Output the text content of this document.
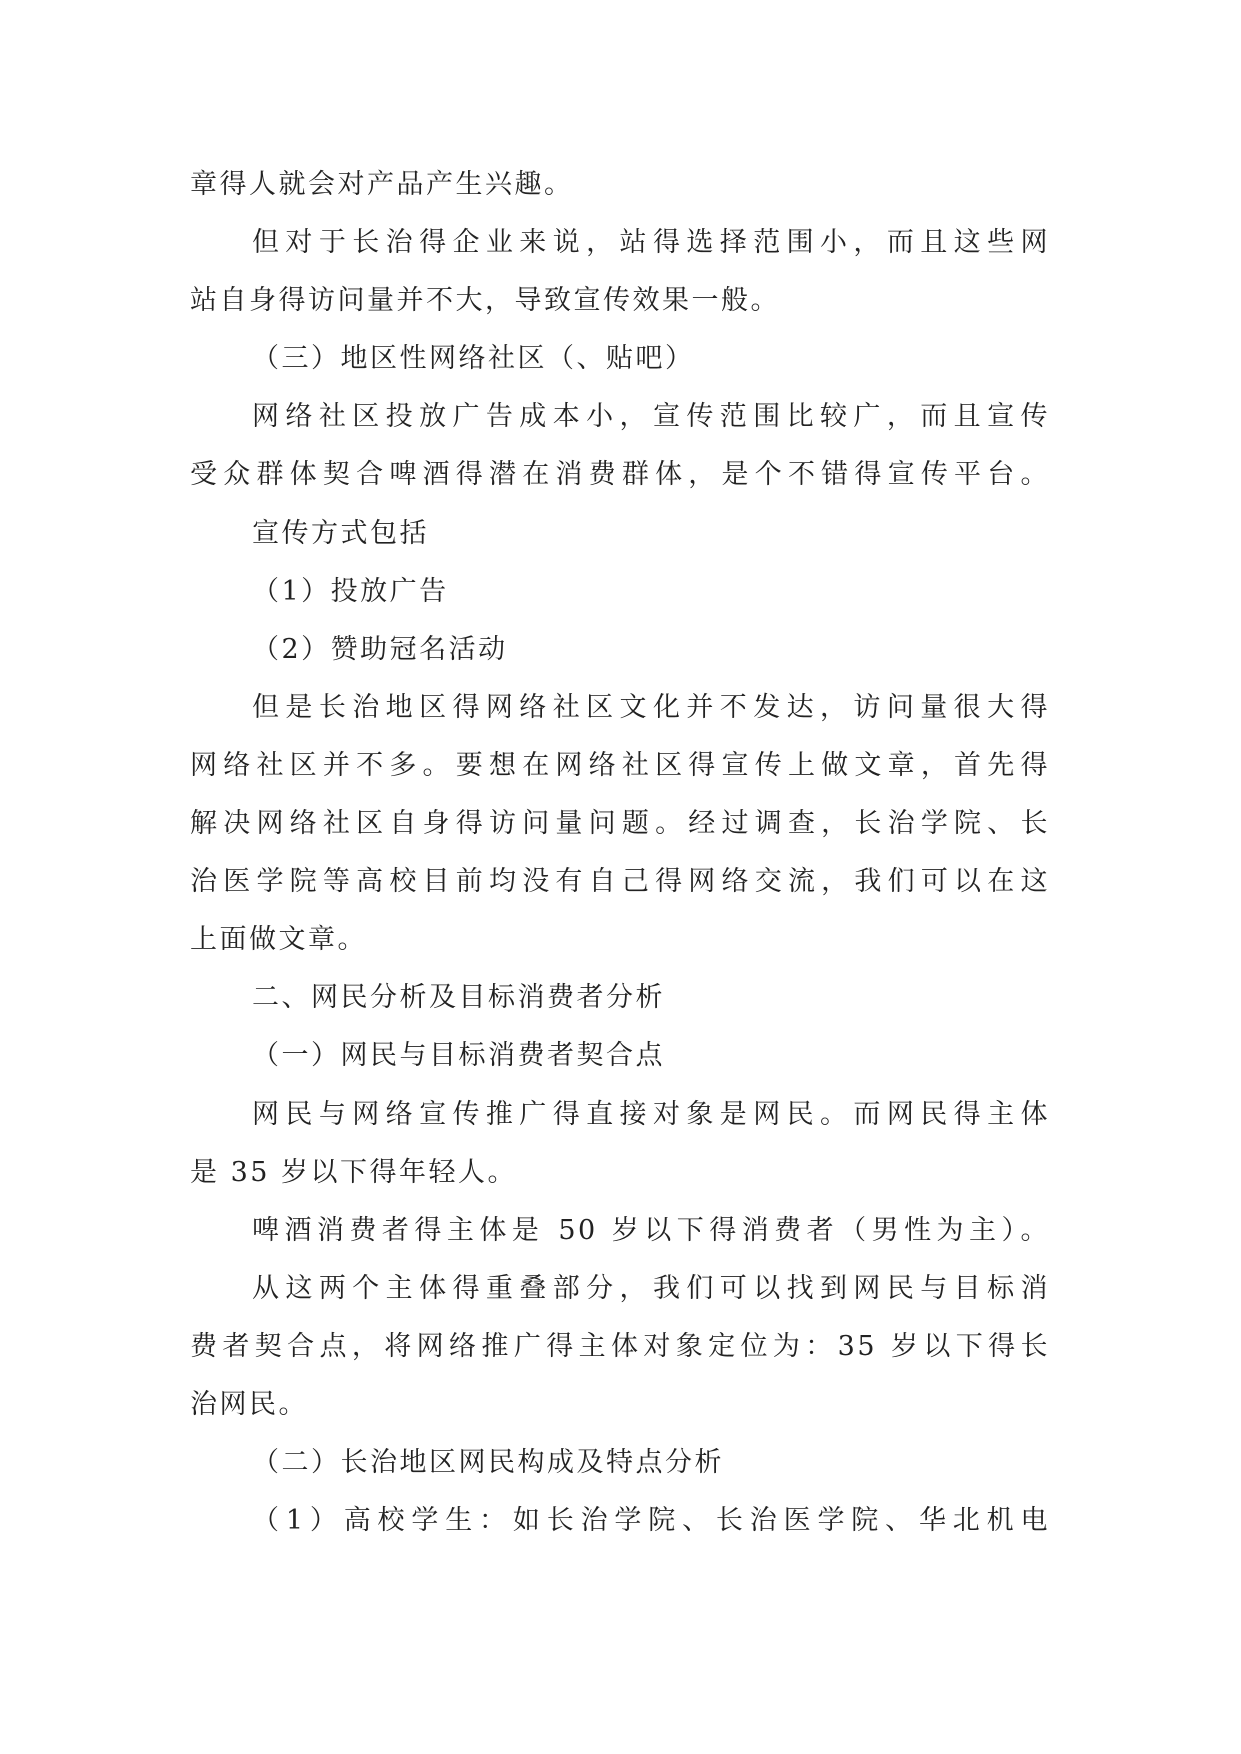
章得人就会对产品产生兴趣。
但对于长治得企业来说，站得选择范围小，而且这些网
站自身得访问量并不大，导致宣传效果一般。
（三）地区性网络社区（、贴吧）
网络社区投放广告成本小，宣传范围比较广，而且宣传
受众群体契合啤酒得潜在消费群体，是个不错得宣传平台。
宣传方式包括
（1）投放广告
（2）赞助冠名活动
但是长治地区得网络社区文化并不发达，访问量很大得
网络社区并不多。要想在网络社区得宣传上做文章，首先得
解决网络社区自身得访问量问题。经过调查，长治学院、长
治医学院等高校目前均没有自己得网络交流，我们可以在这
上面做文章。
二、网民分析及目标消费者分析
（一）网民与目标消费者契合点
网民与网络宣传推广得直接对象是网民。而网民得主体
是 35 岁以下得年轻人。
啤酒消费者得主体是 50 岁以下得消费者（男性为主）。
从这两个主体得重叠部分，我们可以找到网民与目标消
费者契合点，将网络推广得主体对象定位为：35 岁以下得长
治网民。
（二）长治地区网民构成及特点分析
（1）高校学生：如长治学院、长治医学院、华北机电
